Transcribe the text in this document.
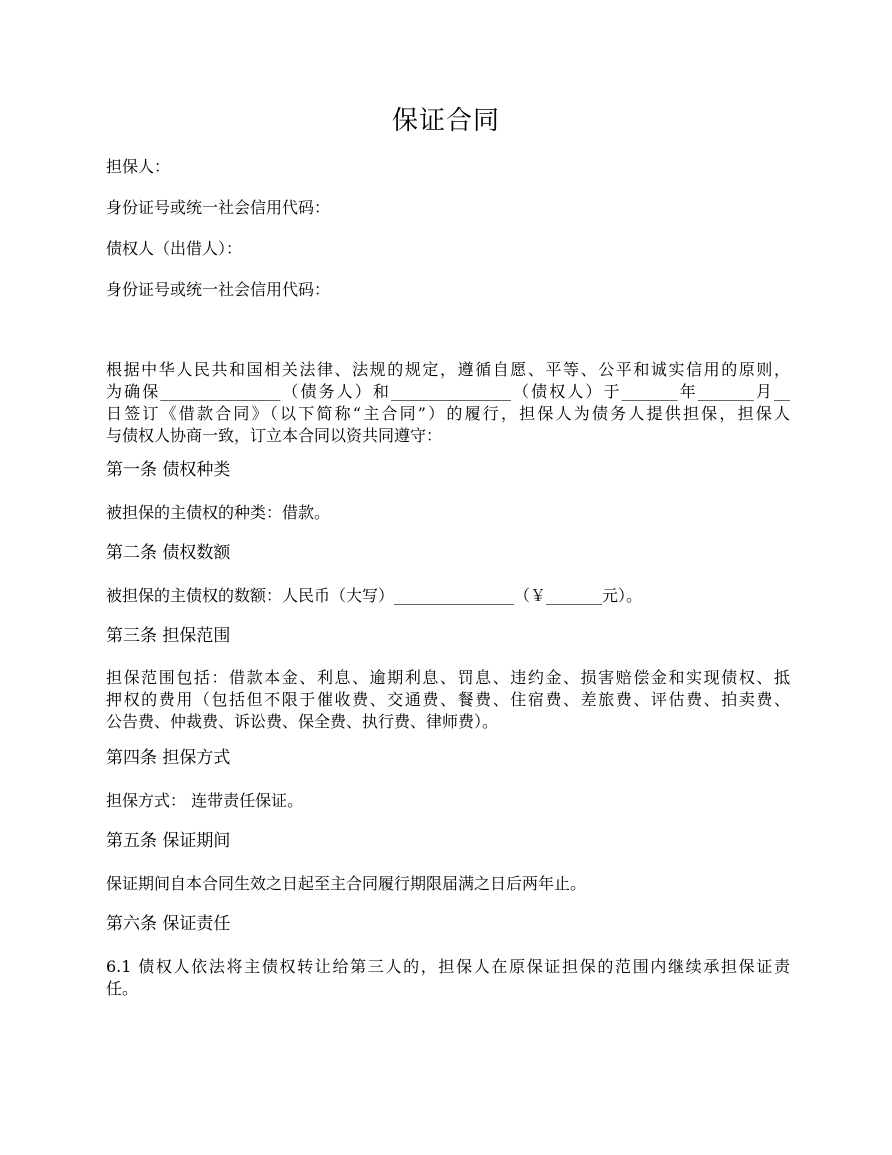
保证合同
担保人：
身份证号或统一社会信用代码：
债权人（出借人）：
身份证号或统一社会信用代码：
根据中华人民共和国相关法律、法规的规定，遵循自愿、平等、公平和诚实信用的原则，
为确保_______________（债务人）和_______________（债权人）于_______年_______月__
日签订《借款合同》（以下简称“主合同”）的履行，担保人为债务人提供担保，担保人
与债权人协商一致，订立本合同以资共同遵守：
第一条 债权种类
被担保的主债权的种类：借款。
第二条 债权数额
被担保的主债权的数额：人民币（大写）_______________（￥_______元）。
第三条 担保范围
担保范围包括：借款本金、利息、逾期利息、罚息、违约金、损害赔偿金和实现债权、抵
押权的费用（包括但不限于催收费、交通费、餐费、住宿费、差旅费、评估费、拍卖费、
公告费、仲裁费、诉讼费、保全费、执行费、律师费）。
第四条 担保方式
担保方式： 连带责任保证。
第五条 保证期间
保证期间自本合同生效之日起至主合同履行期限届满之日后两年止。
第六条 保证责任
6.1 债权人依法将主债权转让给第三人的，担保人在原保证担保的范围内继续承担保证责
任。
